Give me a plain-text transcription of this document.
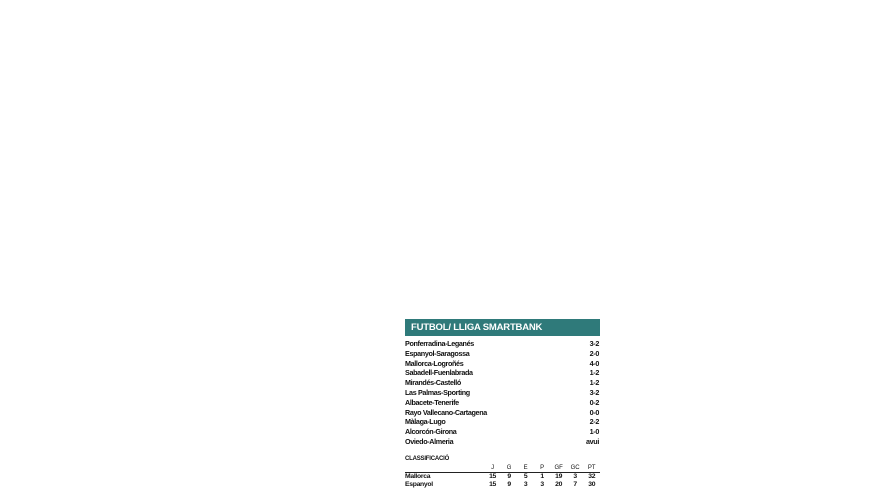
FUTBOL/ LLIGA SMARTBANK
Ponferradina-Leganés	3-2
Espanyol-Saragossa	2-0
Mallorca-Logroñés	4-0
Sabadell-Fuenlabrada	1-2
Mirandés-Castelló	1-2
Las Palmas-Sporting	3-2
Albacete-Tenerife	0-2
Rayo Vallecano-Cartagena	0-0
Màlaga-Lugo	2-2
Alcorcón-Girona	1-0
Oviedo-Almeria	avui
CLASSIFICACIÓ
	J	G	E	P	GF	GC	PT
Mallorca	15	9	5	1	19	3	32
Espanyol	15	9	3	3	20	7	30
